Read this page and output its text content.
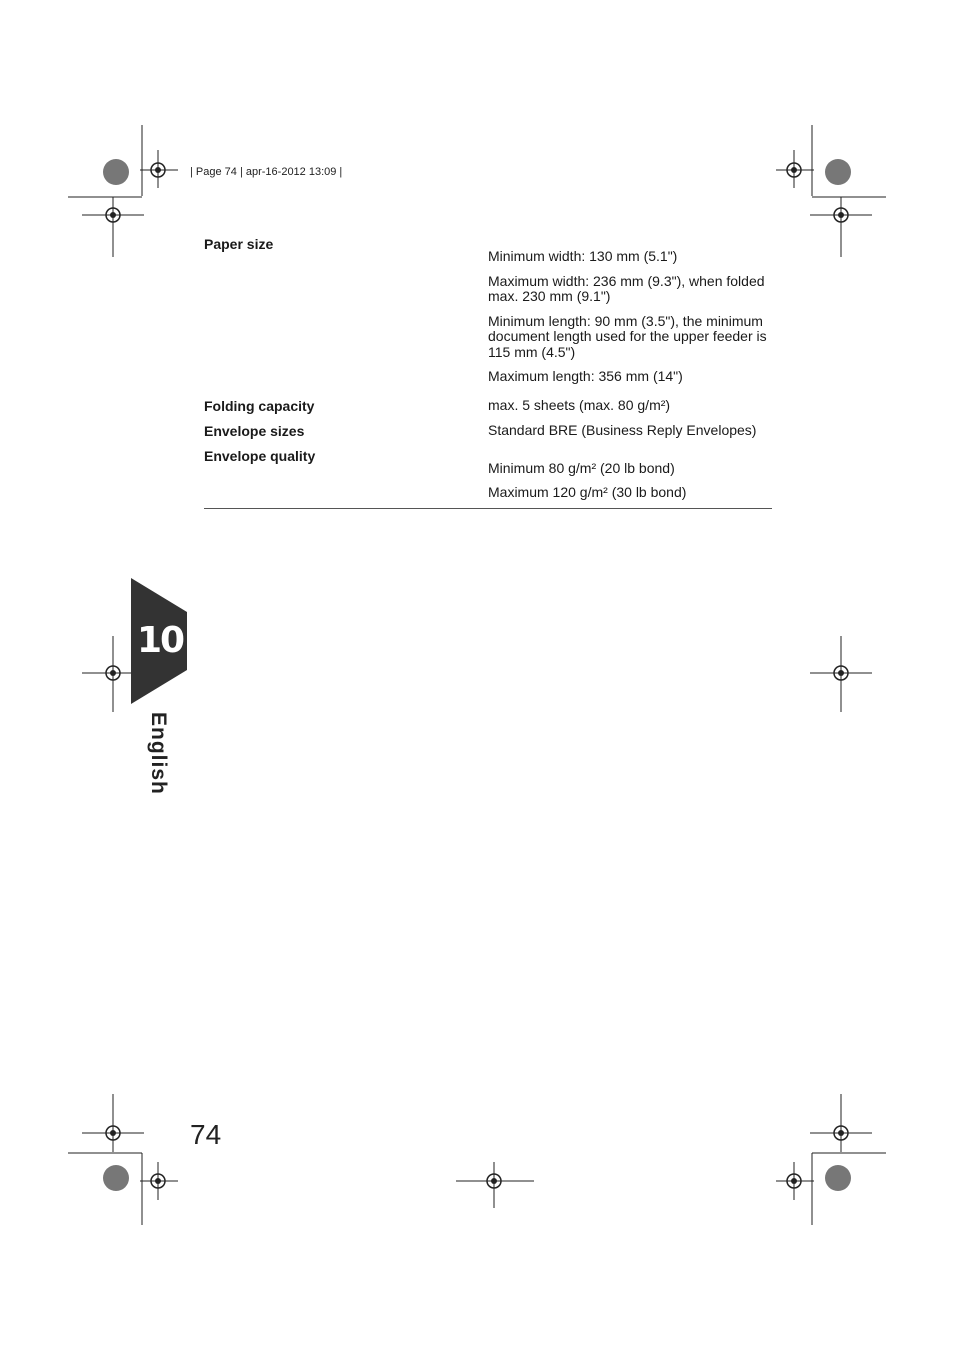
| Page 74 | apr-16-2012 13:09 |
Paper size
Minimum width: 130 mm (5.1")
Maximum width: 236 mm (9.3"), when folded max. 230 mm (9.1")
Minimum length: 90 mm (3.5"), the minimum document length used for the upper feeder is 115 mm (4.5")
Maximum length: 356 mm (14")
Folding capacity	max. 5 sheets (max. 80 g/m²)
Envelope sizes	Standard BRE (Business Reply Envelopes)
Envelope quality
Minimum 80 g/m² (20 lb bond)
Maximum 120 g/m² (30 lb bond)
10
English
74
